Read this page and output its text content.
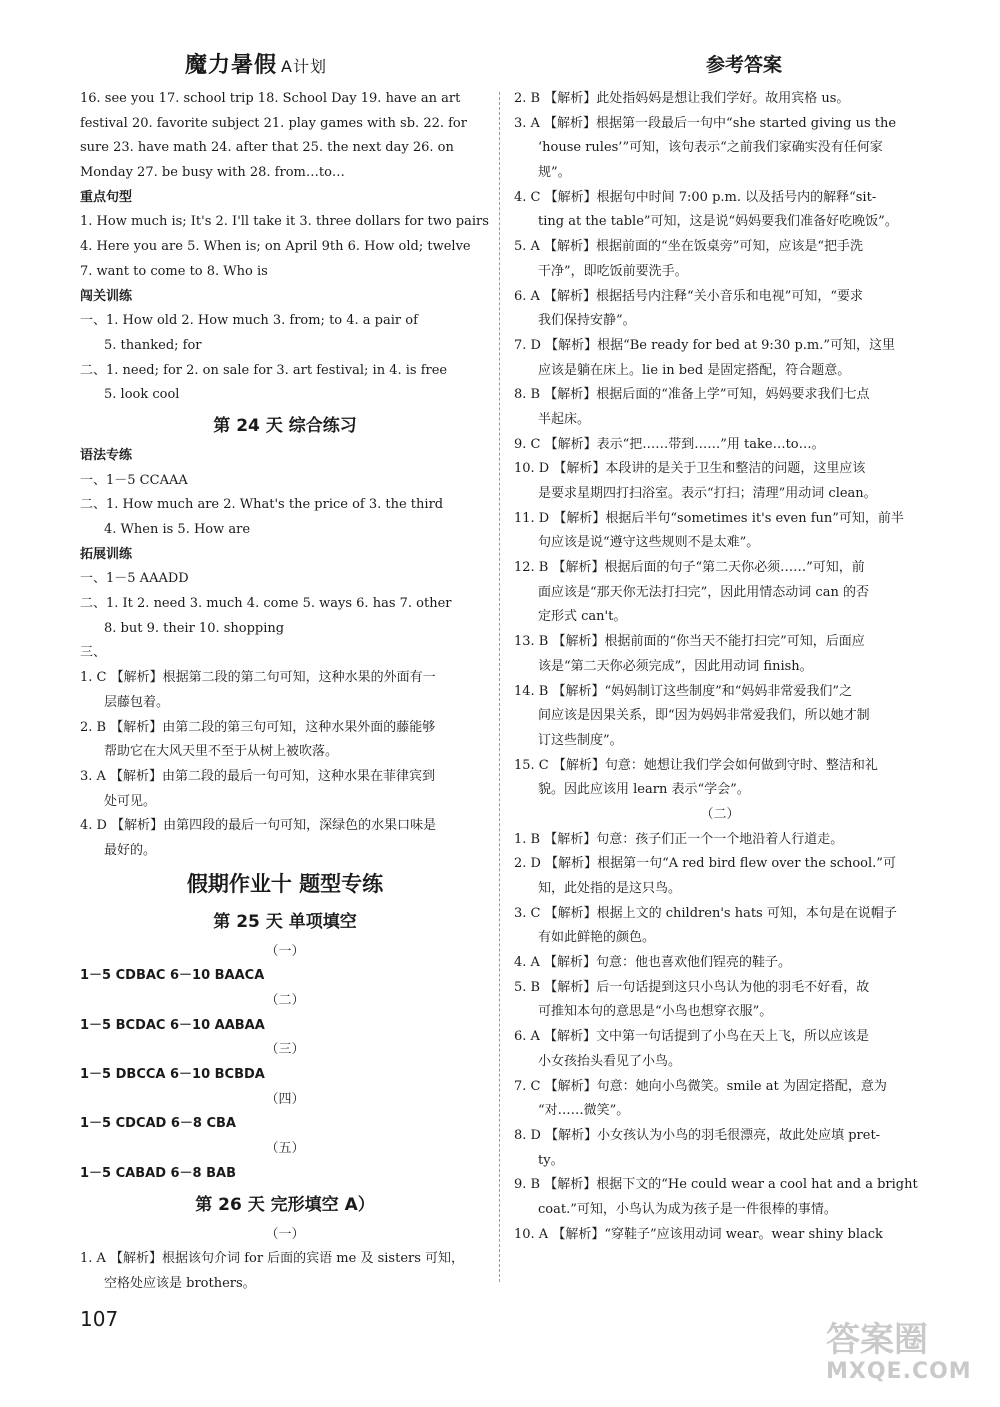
魔力暑假 A计划	参考答案
16. see you 17. school trip 18. School Day 19. have an art
festival 20. favorite subject 21. play games with sb. 22. for
sure 23. have math 24. after that 25. the next day 26. on
Monday 27. be busy with 28. from…to…
重点句型
1. How much is; It's 2. I'll take it 3. three dollars for two pairs
4. Here you are 5. When is; on April 9th 6. How old; twelve
7. want to come to 8. Who is
闯关训练
一、1. How old 2. How much 3. from; to 4. a pair of
5. thanked; for
二、1. need; for 2. on sale for 3. art festival; in 4. is free
5. look cool
第 24 天 综合练习
语法专练
一、1－5 CCAAA
二、1. How much are 2. What's the price of 3. the third
4. When is 5. How are
拓展训练
一、1－5 AAADD
二、1. It 2. need 3. much 4. come 5. ways 6. has 7. other
8. but 9. their 10. shopping
三、
1. C 【解析】根据第二段的第二句可知，这种水果的外面有一
层藤包着。
2. B 【解析】由第二段的第三句可知，这种水果外面的藤能够
帮助它在大风天里不至于从树上被吹落。
3. A 【解析】由第二段的最后一句可知，这种水果在菲律宾到
处可见。
4. D 【解析】由第四段的最后一句可知，深绿色的水果口味是
最好的。
假期作业十 题型专练
第 25 天 单项填空
（一）
1－5 CDBAC 6－10 BAACA
（二）
1－5 BCDAC 6－10 AABAA
（三）
1－5 DBCCA 6－10 BCBDA
（四）
1－5 CDCAD 6－8 CBA
（五）
1－5 CABAD 6－8 BAB
第 26 天 完形填空 A）
（一）
1. A 【解析】根据该句介词 for 后面的宾语 me 及 sisters 可知，
空格处应该是 brothers。
2. B 【解析】此处指妈妈是想让我们学好。故用宾格 us。
3. A 【解析】根据第一段最后一句中“she started giving us the
‘house rules’”可知，该句表示“之前我们家确实没有任何家
规”。
4. C 【解析】根据句中时间 7:00 p.m. 以及括号内的解释“sit-
ting at the table”可知，这是说“妈妈要我们准备好吃晚饭”。
5. A 【解析】根据前面的“坐在饭桌旁”可知，应该是“把手洗
干净”，即吃饭前要洗手。
6. A 【解析】根据括号内注释“关小音乐和电视”可知，“要求
我们保持安静”。
7. D 【解析】根据“Be ready for bed at 9:30 p.m.”可知，这里
应该是躺在床上。lie in bed 是固定搭配，符合题意。
8. B 【解析】根据后面的“准备上学”可知，妈妈要求我们七点
半起床。
9. C 【解析】表示“把……带到……”用 take…to…。
10. D 【解析】本段讲的是关于卫生和整洁的问题，这里应该
是要求星期四打扫浴室。表示“打扫；清理”用动词 clean。
11. D 【解析】根据后半句“sometimes it's even fun”可知，前半
句应该是说“遵守这些规则不是太难”。
12. B 【解析】根据后面的句子“第二天你必须……”可知，前
面应该是“那天你无法打扫完”，因此用情态动词 can 的否
定形式 can't。
13. B 【解析】根据前面的“你当天不能打扫完”可知，后面应
该是“第二天你必须完成”，因此用动词 finish。
14. B 【解析】“妈妈制订这些制度”和“妈妈非常爱我们”之
间应该是因果关系，即“因为妈妈非常爱我们，所以她才制
订这些制度”。
15. C 【解析】句意：她想让我们学会如何做到守时、整洁和礼
貌。因此应该用 learn 表示“学会”。
（二）
1. B 【解析】句意：孩子们正一个一个地沿着人行道走。
2. D 【解析】根据第一句“A red bird flew over the school.”可
知，此处指的是这只鸟。
3. C 【解析】根据上文的 children's hats 可知，本句是在说帽子
有如此鲜艳的颜色。
4. A 【解析】句意：他也喜欢他们锃亮的鞋子。
5. B 【解析】后一句话提到这只小鸟认为他的羽毛不好看，故
可推知本句的意思是“小鸟也想穿衣服”。
6. A 【解析】文中第一句话提到了小鸟在天上飞，所以应该是
小女孩抬头看见了小鸟。
7. C 【解析】句意：她向小鸟微笑。smile at 为固定搭配，意为
“对……微笑”。
8. D 【解析】小女孩认为小鸟的羽毛很漂亮，故此处应填 pret-
ty。
9. B 【解析】根据下文的“He could wear a cool hat and a bright
coat.”可知，小鸟认为成为孩子是一件很棒的事情。
10. A 【解析】“穿鞋子”应该用动词 wear。wear shiny black
107
答案圈
MXQE.COM
